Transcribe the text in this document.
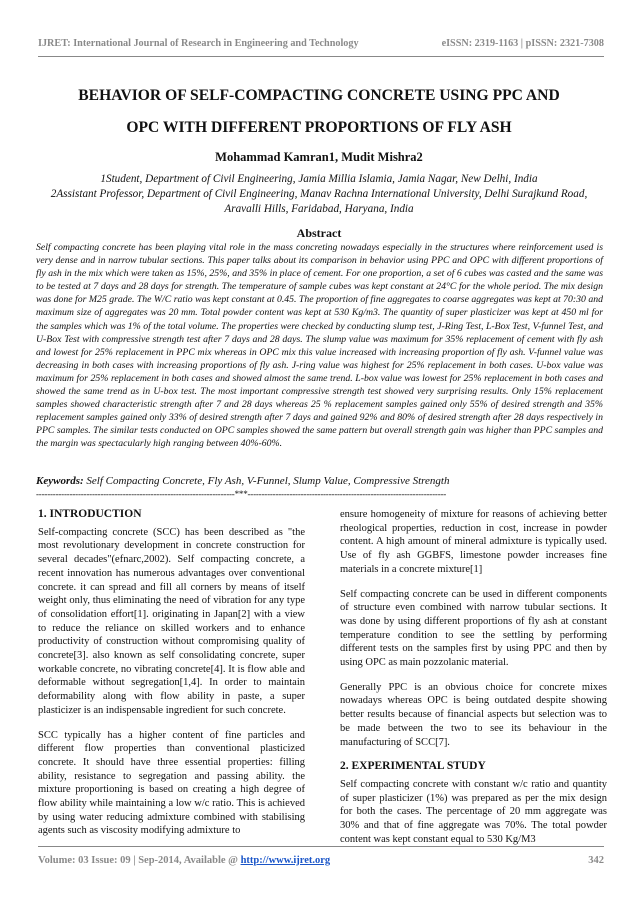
IJRET: International Journal of Research in Engineering and Technology	eISSN: 2319-1163 | pISSN: 2321-7308
BEHAVIOR OF SELF-COMPACTING CONCRETE USING PPC AND
OPC WITH DIFFERENT PROPORTIONS OF FLY ASH
Mohammad Kamran1, Mudit Mishra2
1Student, Department of Civil Engineering, Jamia Millia Islamia, Jamia Nagar, New Delhi, India
2Assistant Professor, Department of Civil Engineering, Manav Rachna International University, Delhi Surajkund Road, Aravalli Hills, Faridabad, Haryana, India
Abstract
Self compacting concrete has been playing vital role in the mass concreting nowadays especially in the structures where reinforcement used is very dense and in narrow tubular sections. This paper talks about its comparison in behavior using PPC and OPC with different proportions of fly ash in the mix which were taken as 15%, 25%, and 35% in place of cement. For one proportion, a set of 6 cubes was casted and the same was to be tested at 7 days and 28 days for strength. The temperature of sample cubes was kept constant at 24°C for the whole period. The mix design was done for M25 grade. The W/C ratio was kept constant at 0.45. The proportion of fine aggregates to coarse aggregates was kept at 70:30 and maximum size of aggregates was 20 mm. Total powder content was kept at 530 Kg/m3. The quantity of super plasticizer was kept at 450 ml for the samples which was 1% of the total volume. The properties were checked by conducting slump test, J-Ring Test, L-Box Test, V-funnel Test, and U-Box Test with compressive strength test after 7 days and 28 days. The slump value was maximum for 35% replacement of cement with fly ash and lowest for 25% replacement in PPC mix whereas in OPC mix this value increased with increasing proportion of fly ash. V-funnel value was decreasing in both cases with increasing proportions of fly ash. J-ring value was highest for 25% replacement in both cases. U-box value was maximum for 25% replacement in both cases and showed almost the same trend. L-box value was lowest for 25% replacement in both cases and showed the same trend as in U-box test. The most important compressive strength test showed very surprising results. Only 15% replacement samples showed characteristic strength after 7 and 28 days whereas 25 % replacement samples gained only 55% of desired strength and 35% replacement samples gained only 33% of desired strength after 7 days and gained 92% and 80% of desired strength after 28 days respectively in PPC samples. The similar tests conducted on OPC samples showed the same pattern but overall strength gain was higher than PPC samples and the margin was spectacularly high ranging between 40%-60%.
Keywords: Self Compacting Concrete, Fly Ash, V-Funnel, Slump Value, Compressive Strength
-----------------------------------------------------------------------***-----------------------------------------------------------------------
1. INTRODUCTION

Self-compacting concrete (SCC) has been described as "the most revolutionary development in concrete construction for several decades"(efnarc,2002). Self compacting concrete, a recent innovation has numerous advantages over conventional concrete. it can spread and fill all corners by means of itself weight only, thus eliminating the need of vibration for any type of consolidation effort[1]. originating in Japan[2] with a view to reduce the reliance on skilled workers and to enhance productivity of construction without compromising quality of concrete[3]. also known as self consolidating concrete, super workable concrete, no vibrating concrete[4]. It is flow able and deformable without segregation[1,4]. In order to maintain deformability along with flow ability in paste, a super plasticizer is an indispensable ingredient for such concrete.

SCC typically has a higher content of fine particles and different flow properties than conventional plasticized concrete. It should have three essential properties: filling ability, resistance to segregation and passing ability. the mixture proportioning is based on creating a high degree of flow ability while maintaining a low w/c ratio. This is achieved by using water reducing admixture combined with stabilising agents such as viscosity modifying admixture to

ensure homogeneity of mixture for reasons of achieving better rheological properties, reduction in cost, increase in powder content. A high amount of mineral admixture is typically used. Use of fly ash GGBFS, limestone powder increases fine materials in a concrete mixture[1]

Self compacting concrete can be used in different components of structure even combined with narrow tubular sections. It was done by using different proportions of fly ash at constant temperature condition to see the settling by performing different tests on the samples first by using PPC and then by using OPC as main pozzolanic material.

Generally PPC is an obvious choice for concrete mixes nowadays whereas OPC is being outdated despite showing better results because of financial aspects but selection was to be made between the two to see its behaviour in the manufacturing of SCC[7].

2. EXPERIMENTAL STUDY

Self compacting concrete with constant w/c ratio and quantity of super plasticizer (1%) was prepared as per the mix design for both the cases. The percentage of 20 mm aggregate was 30% and that of fine aggregate was 70%. The total powder content was kept constant equal to 530 Kg/M3

Volume: 03 Issue: 09 | Sep-2014, Available @ http://www.ijret.org	342
